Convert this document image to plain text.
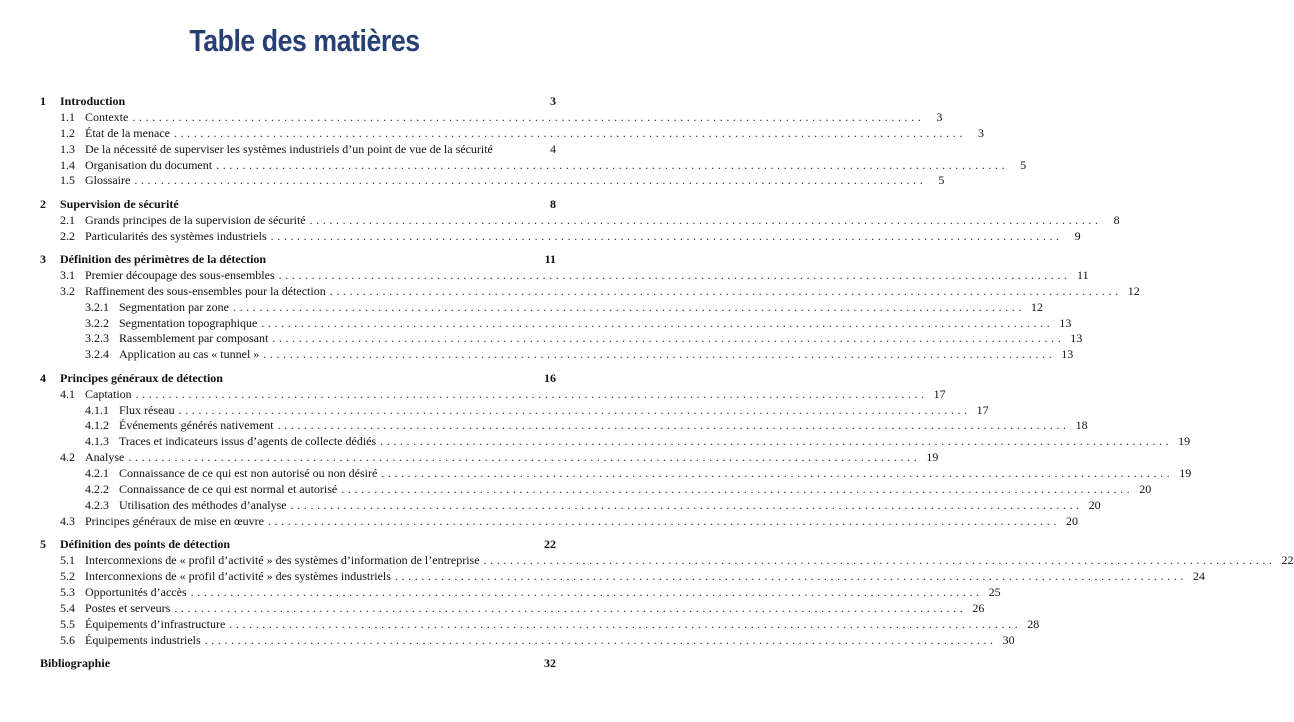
Table des matières
1	Introduction	3
1.1 Contexte ........................................................................................................................	3
1.2 État de la menace ........................................................................................................................	3
1.3 De la nécessité de superviser les systèmes industriels d’un point de vue de la sécurité	4
1.4 Organisation du document ........................................................................................................................	5
1.5 Glossaire ........................................................................................................................	5
2	Supervision de sécurité	8
2.1 Grands principes de la supervision de sécurité ........................................................................................................................	8
2.2 Particularités des systèmes industriels ........................................................................................................................	9
3	Définition des périmètres de la détection	11
3.1 Premier découpage des sous-ensembles ........................................................................................................................ 11
3.2 Raffinement des sous-ensembles pour la détection ........................................................................................................................ 12
3.2.1 Segmentation par zone ........................................................................................................................ 12
3.2.2 Segmentation topographique ........................................................................................................................ 13
3.2.3 Rassemblement par composant ........................................................................................................................ 13
3.2.4 Application au cas « tunnel » ........................................................................................................................ 13
4	Principes généraux de détection	16
4.1 Captation ........................................................................................................................ 17
4.1.1 Flux réseau ........................................................................................................................ 17
4.1.2 Événements générés nativement ........................................................................................................................ 18
4.1.3 Traces et indicateurs issus d’agents de collecte dédiés ........................................................................................................................ 19
4.2 Analyse ........................................................................................................................ 19
4.2.1 Connaissance de ce qui est non autorisé ou non désiré ........................................................................................................................ 19
4.2.2 Connaissance de ce qui est normal et autorisé ........................................................................................................................ 20
4.2.3 Utilisation des méthodes d’analyse ........................................................................................................................ 20
4.3 Principes généraux de mise en œuvre ........................................................................................................................ 20
5	Définition des points de détection	22
5.1 Interconnexions de « profil d’activité » des systèmes d’information de l’entreprise ........................................................................................................................ 22
5.2 Interconnexions de « profil d’activité » des systèmes industriels ........................................................................................................................ 24
5.3 Opportunités d’accès ........................................................................................................................ 25
5.4 Postes et serveurs ........................................................................................................................ 26
5.5 Équipements d’infrastructure ........................................................................................................................ 28
5.6 Équipements industriels ........................................................................................................................ 30
Bibliographie	32
